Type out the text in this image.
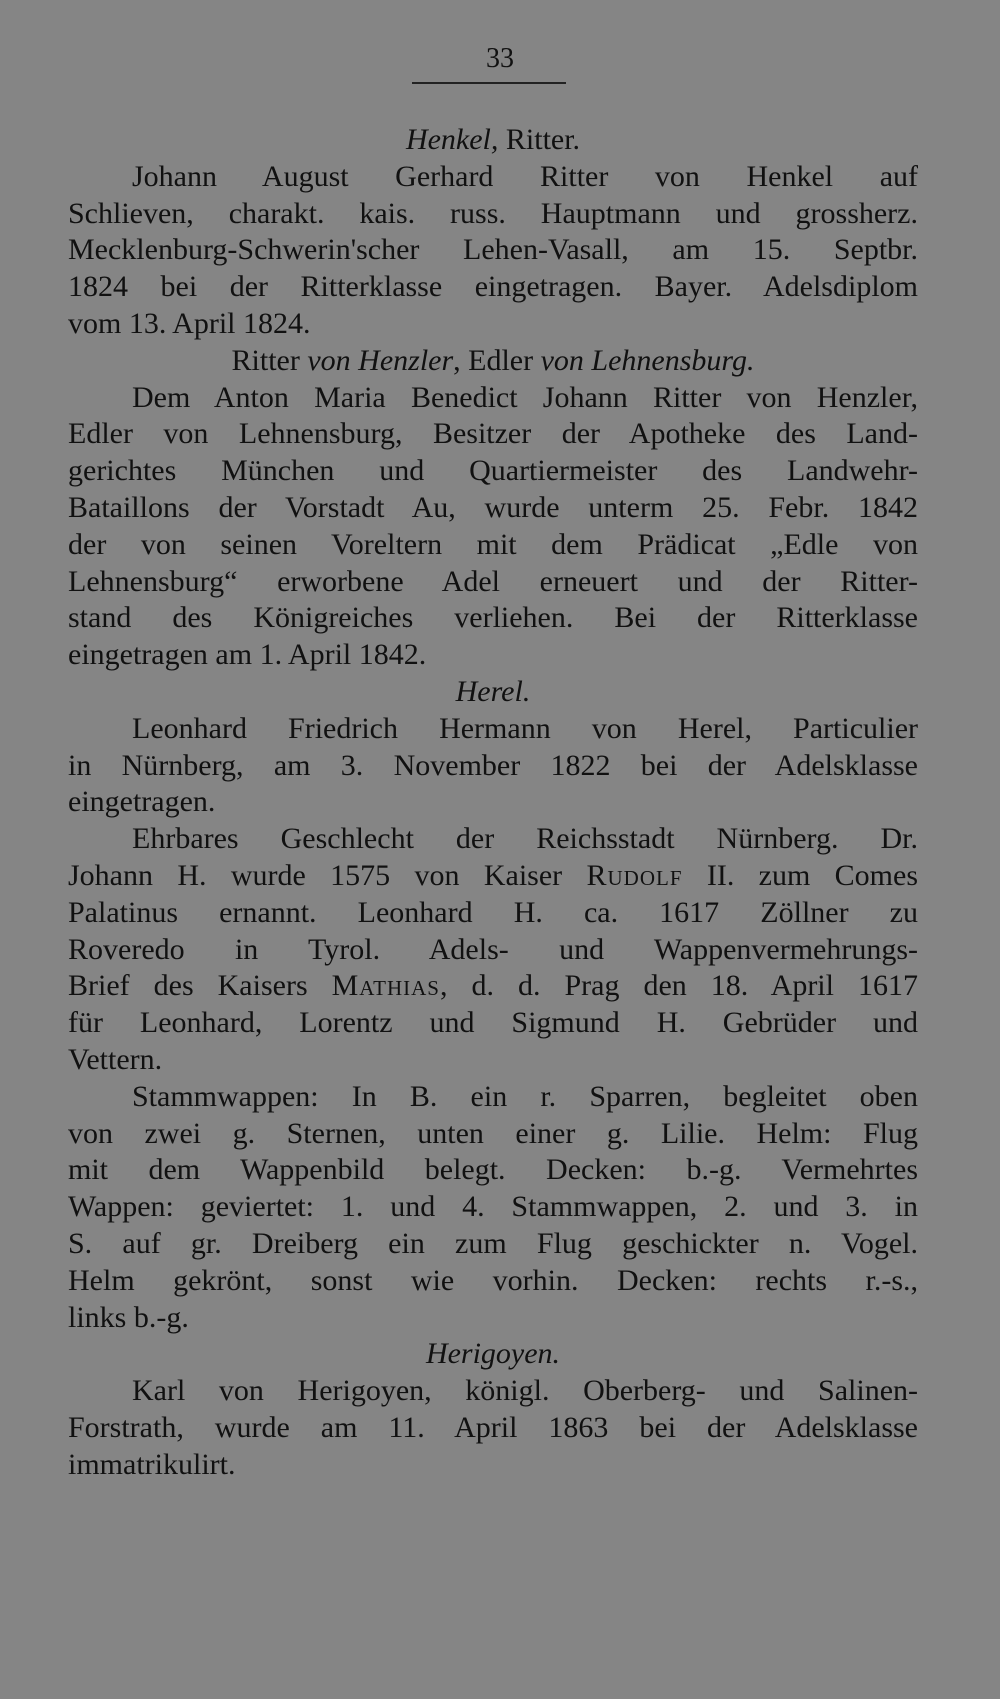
33
Henkel, Ritter.
Johann August Gerhard Ritter von Henkel auf
Schlieven, charakt. kais. russ. Hauptmann und grossherz.
Mecklenburg-Schwerin'scher Lehen-Vasall, am 15. Septbr.
1824 bei der Ritterklasse eingetragen. Bayer. Adelsdiplom
vom 13. April 1824.
Ritter von Henzler, Edler von Lehnensburg.
Dem Anton Maria Benedict Johann Ritter von Henzler,
Edler von Lehnensburg, Besitzer der Apotheke des Land-
gerichtes München und Quartiermeister des Landwehr-
Bataillons der Vorstadt Au, wurde unterm 25. Febr. 1842
der von seinen Voreltern mit dem Prädicat „Edle von
Lehnensburg“ erworbene Adel erneuert und der Ritter-
stand des Königreiches verliehen. Bei der Ritterklasse
eingetragen am 1. April 1842.
Herel.
Leonhard Friedrich Hermann von Herel, Particulier
in Nürnberg, am 3. November 1822 bei der Adelsklasse
eingetragen.
Ehrbares Geschlecht der Reichsstadt Nürnberg. Dr.
Johann H. wurde 1575 von Kaiser Rudolf II. zum Comes
Palatinus ernannt. Leonhard H. ca. 1617 Zöllner zu
Roveredo in Tyrol. Adels- und Wappenvermehrungs-
Brief des Kaisers Mathias, d. d. Prag den 18. April 1617
für Leonhard, Lorentz und Sigmund H. Gebrüder und
Vettern.
Stammwappen: In B. ein r. Sparren, begleitet oben
von zwei g. Sternen, unten einer g. Lilie. Helm: Flug
mit dem Wappenbild belegt. Decken: b.-g. Vermehrtes
Wappen: geviertet: 1. und 4. Stammwappen, 2. und 3. in
S. auf gr. Dreiberg ein zum Flug geschickter n. Vogel.
Helm gekrönt, sonst wie vorhin. Decken: rechts r.-s.,
links b.-g.
Herigoyen.
Karl von Herigoyen, königl. Oberberg- und Salinen-
Forstrath, wurde am 11. April 1863 bei der Adelsklasse
immatrikulirt.
